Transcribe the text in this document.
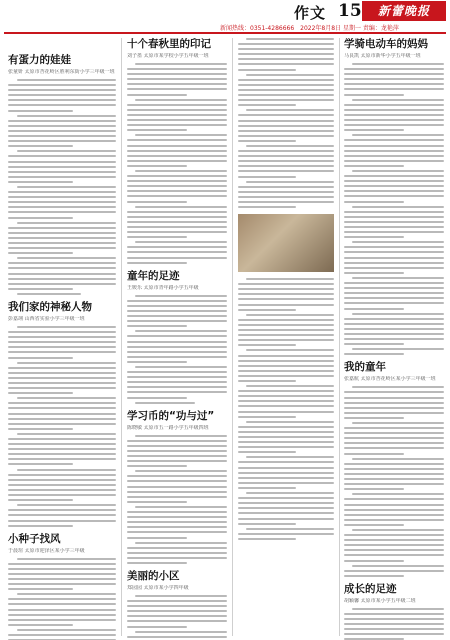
作文 15	新蕾晚报
新闻热线：0351-4286666　2022年8月8日 星期一 责编：龙艳萍
有蛋力的娃娃
张童妍 太原市杏花岭区胜利东街小学三年级一班
我们家的神秘人物
彭嘉翊 山西省实验小学三年级一班
小种子找风
于晨瑄 太原市迎泽区某小学三年级
十个春秋里的印记
刘子墨 太原市某学校小学五年级一班
童年的足迹
王媛乐 太原市青年路小学五年级
学习币的“功与过”
陈晓敏 太原市五一路小学五年级四班
美丽的小区
郑园园 太原市某小学四年级
学骑电动车的妈妈
马良凯 太原市新华小学五年级一班
我的童年
张嘉航 太原市杏花岭区某小学三年级一班
成长的足迹
胡颖馨 太原市某小学五年级二班
